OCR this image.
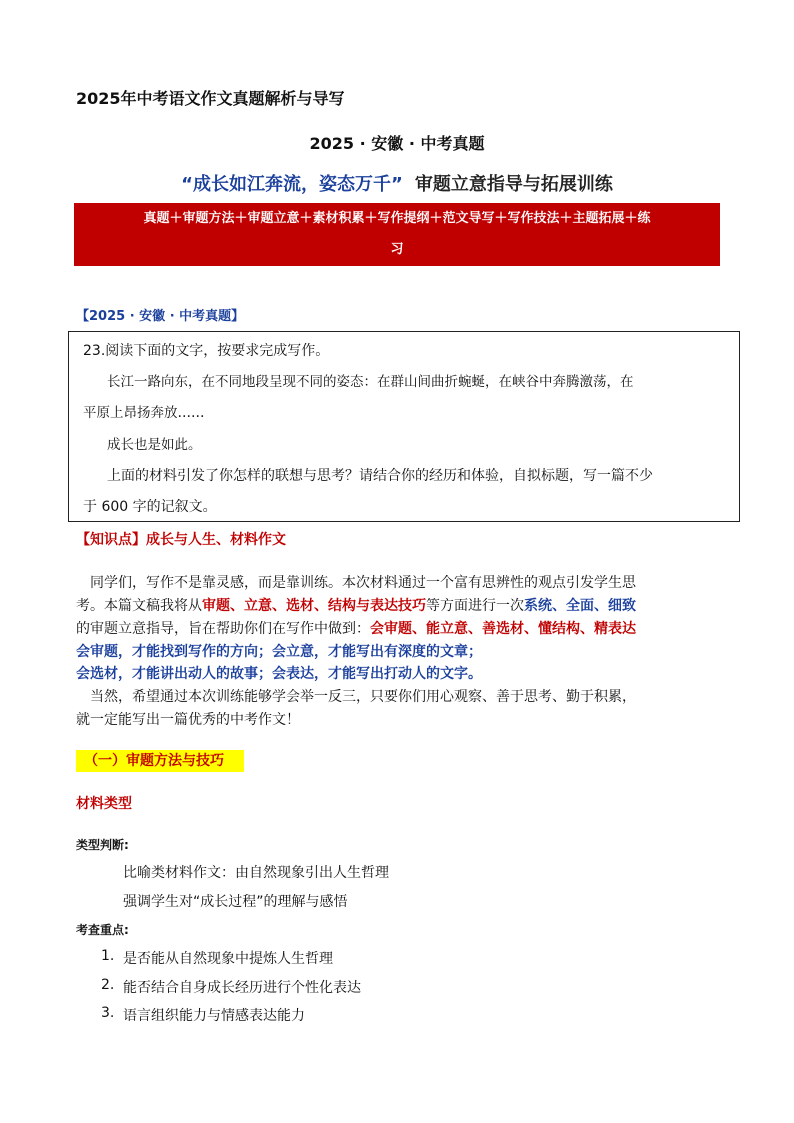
2025年中考语文作文真题解析与导写
2025 · 安徽 · 中考真题
“成长如江奔流，姿态万千” 审题立意指导与拓展训练
真题＋审题方法＋审题立意＋素材积累＋写作提纲＋范文导写＋写作技法＋主题拓展＋练
习
【2025 · 安徽 · 中考真题】
23.阅读下面的文字，按要求完成写作。
长江一路向东，在不同地段呈现不同的姿态：在群山间曲折蜿蜒，在峡谷中奔腾激荡，在
平原上昂扬奔放……
成长也是如此。
上面的材料引发了你怎样的联想与思考？请结合你的经历和体验，自拟标题，写一篇不少
于 600 字的记叙文。
【知识点】成长与人生、材料作文
同学们，写作不是靠灵感，而是靠训练。本次材料通过一个富有思辨性的观点引发学生思
考。本篇文稿我将从审题、立意、选材、结构与表达技巧等方面进行一次系统、全面、细致
的审题立意指导，旨在帮助你们在写作中做到：会审题、能立意、善选材、懂结构、精表达
会审题，才能找到写作的方向；会立意，才能写出有深度的文章；
会选材，才能讲出动人的故事；会表达，才能写出打动人的文字。
当然，希望通过本次训练能够学会举一反三，只要你们用心观察、善于思考、勤于积累，
就一定能写出一篇优秀的中考作文！
（一）审题方法与技巧
材料类型
类型判断:
比喻类材料作文：由自然现象引出人生哲理
强调学生对“成长过程”的理解与感悟
考查重点:
1. 是否能从自然现象中提炼人生哲理
2. 能否结合自身成长经历进行个性化表达
3. 语言组织能力与情感表达能力
